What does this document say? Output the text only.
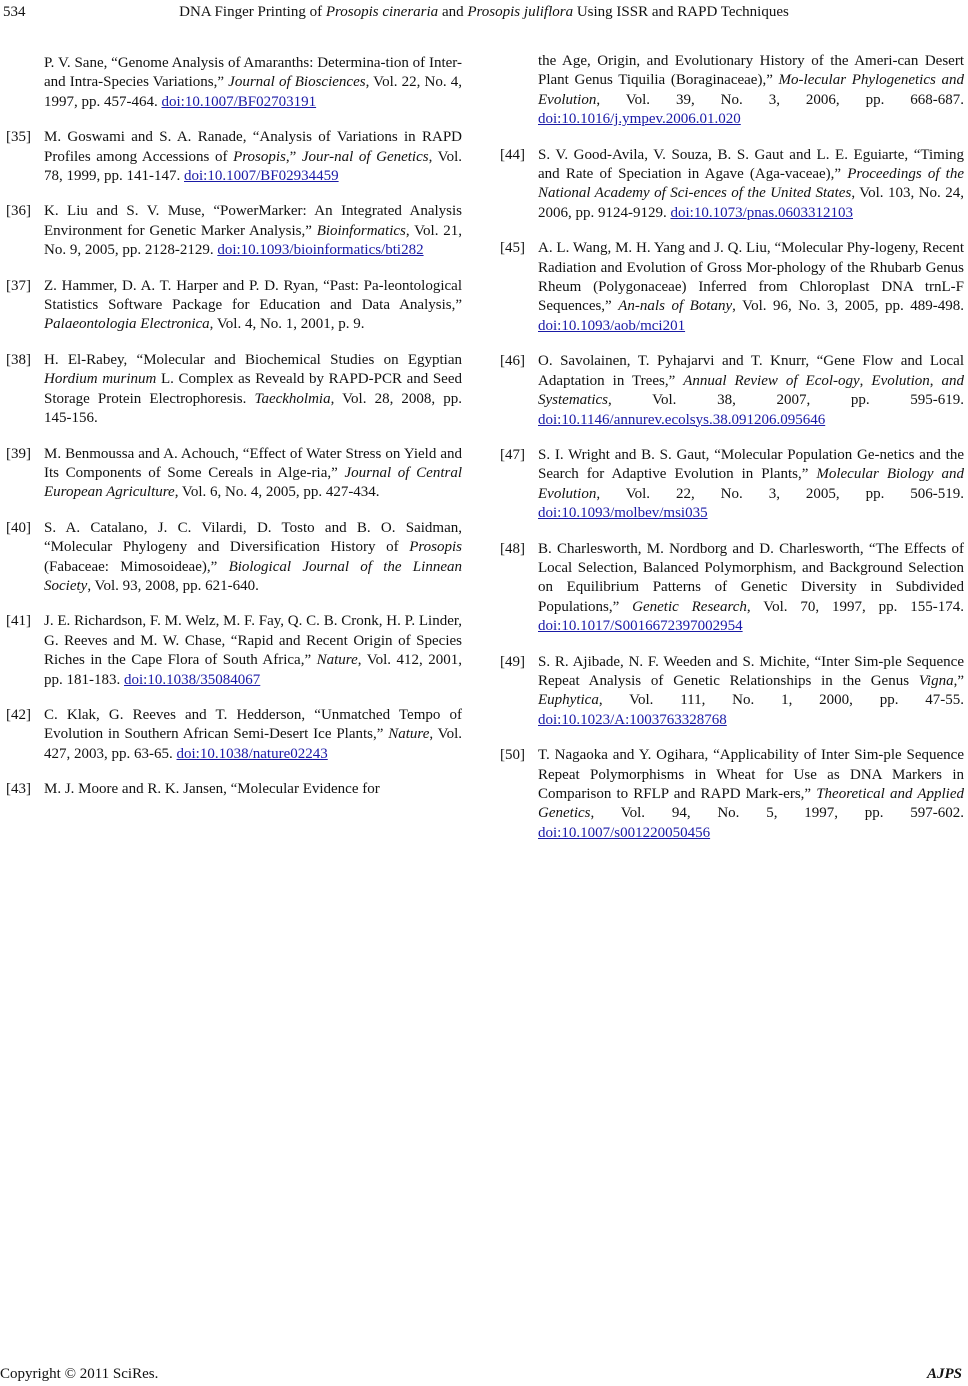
534	DNA Finger Printing of Prosopis cineraria and Prosopis juliflora Using ISSR and RAPD Techniques
P. V. Sane, “Genome Analysis of Amaranths: Determina-tion of Inter- and Intra-Species Variations,” Journal of Biosciences, Vol. 22, No. 4, 1997, pp. 457-464. doi:10.1007/BF02703191
[35] M. Goswami and S. A. Ranade, “Analysis of Variations in RAPD Profiles among Accessions of Prosopis,” Jour-nal of Genetics, Vol. 78, 1999, pp. 141-147. doi:10.1007/BF02934459
[36] K. Liu and S. V. Muse, “PowerMarker: An Integrated Analysis Environment for Genetic Marker Analysis,” Bioinformatics, Vol. 21, No. 9, 2005, pp. 2128-2129. doi:10.1093/bioinformatics/bti282
[37] Z. Hammer, D. A. T. Harper and P. D. Ryan, “Past: Pa-leontological Statistics Software Package for Education and Data Analysis,” Palaeontologia Electronica, Vol. 4, No. 1, 2001, p. 9.
[38] H. El-Rabey, “Molecular and Biochemical Studies on Egyptian Hordium murinum L. Complex as Reveald by RAPD-PCR and Seed Storage Protein Electrophoresis. Taeckholmia, Vol. 28, 2008, pp. 145-156.
[39] M. Benmoussa and A. Achouch, “Effect of Water Stress on Yield and Its Components of Some Cereals in Alge-ria,” Journal of Central European Agriculture, Vol. 6, No. 4, 2005, pp. 427-434.
[40] S. A. Catalano, J. C. Vilardi, D. Tosto and B. O. Saidman, “Molecular Phylogeny and Diversification History of Prosopis (Fabaceae: Mimosoideae),” Biological Journal of the Linnean Society, Vol. 93, 2008, pp. 621-640.
[41] J. E. Richardson, F. M. Welz, M. F. Fay, Q. C. B. Cronk, H. P. Linder, G. Reeves and M. W. Chase, “Rapid and Recent Origin of Species Riches in the Cape Flora of South Africa,” Nature, Vol. 412, 2001, pp. 181-183. doi:10.1038/35084067
[42] C. Klak, G. Reeves and T. Hedderson, “Unmatched Tempo of Evolution in Southern African Semi-Desert Ice Plants,” Nature, Vol. 427, 2003, pp. 63-65. doi:10.1038/nature02243
[43] M. J. Moore and R. K. Jansen, “Molecular Evidence for
the Age, Origin, and Evolutionary History of the Ameri-can Desert Plant Genus Tiquilia (Boraginaceae),” Mo-lecular Phylogenetics and Evolution, Vol. 39, No. 3, 2006, pp. 668-687. doi:10.1016/j.ympev.2006.01.020
[44] S. V. Good-Avila, V. Souza, B. S. Gaut and L. E. Eguiarte, “Timing and Rate of Speciation in Agave (Aga-vaceae),” Proceedings of the National Academy of Sci-ences of the United States, Vol. 103, No. 24, 2006, pp. 9124-9129. doi:10.1073/pnas.0603312103
[45] A. L. Wang, M. H. Yang and J. Q. Liu, “Molecular Phy-logeny, Recent Radiation and Evolution of Gross Mor-phology of the Rhubarb Genus Rheum (Polygonaceae) Inferred from Chloroplast DNA trnL-F Sequences,” An-nals of Botany, Vol. 96, No. 3, 2005, pp. 489-498. doi:10.1093/aob/mci201
[46] O. Savolainen, T. Pyhajarvi and T. Knurr, “Gene Flow and Local Adaptation in Trees,” Annual Review of Ecol-ogy, Evolution, and Systematics, Vol. 38, 2007, pp. 595-619. doi:10.1146/annurev.ecolsys.38.091206.095646
[47] S. I. Wright and B. S. Gaut, “Molecular Population Ge-netics and the Search for Adaptive Evolution in Plants,” Molecular Biology and Evolution, Vol. 22, No. 3, 2005, pp. 506-519. doi:10.1093/molbev/msi035
[48] B. Charlesworth, M. Nordborg and D. Charlesworth, “The Effects of Local Selection, Balanced Polymorphism, and Background Selection on Equilibrium Patterns of Genetic Diversity in Subdivided Populations,” Genetic Research, Vol. 70, 1997, pp. 155-174. doi:10.1017/S0016672397002954
[49] S. R. Ajibade, N. F. Weeden and S. Michite, “Inter Sim-ple Sequence Repeat Analysis of Genetic Relationships in the Genus Vigna,” Euphytica, Vol. 111, No. 1, 2000, pp. 47-55. doi:10.1023/A:1003763328768
[50] T. Nagaoka and Y. Ogihara, “Applicability of Inter Sim-ple Sequence Repeat Polymorphisms in Wheat for Use as DNA Markers in Comparison to RFLP and RAPD Mark-ers,” Theoretical and Applied Genetics, Vol. 94, No. 5, 1997, pp. 597-602. doi:10.1007/s001220050456
Copyright © 2011 SciRes.	AJPS
